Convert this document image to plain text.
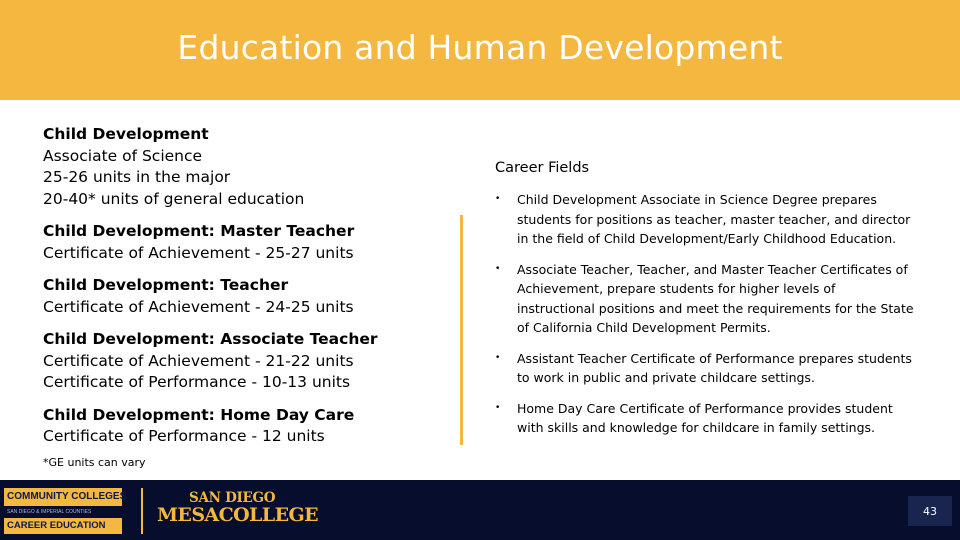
Education and Human Development
Child Development
Associate of Science
25-26 units in the major
20-40* units of general education
Child Development: Master Teacher
Certificate of Achievement - 25-27 units
Child Development: Teacher
Certificate of Achievement - 24-25 units
Child Development: Associate Teacher
Certificate of Achievement - 21-22 units
Certificate of Performance - 10-13 units
Child Development: Home Day Care
Certificate of Performance - 12 units
*GE units can vary
Career Fields
•	Child Development Associate in Science Degree prepares students for positions as teacher, master teacher, and director in the field of Child Development/Early Childhood Education.
•	Associate Teacher, Teacher, and Master Teacher Certificates of Achievement, prepare students for higher levels of instructional positions and meet the requirements for the State of California Child Development Permits.
•	Assistant Teacher Certificate of Performance prepares students to work in public and private childcare settings.
•	Home Day Care Certificate of Performance provides student with skills and knowledge for childcare in family settings.
COMMUNITY COLLEGES
SAN DIEGO & IMPERIAL COUNTIES
CAREER EDUCATION
SAN DIEGO
MESACOLLEGE	43
